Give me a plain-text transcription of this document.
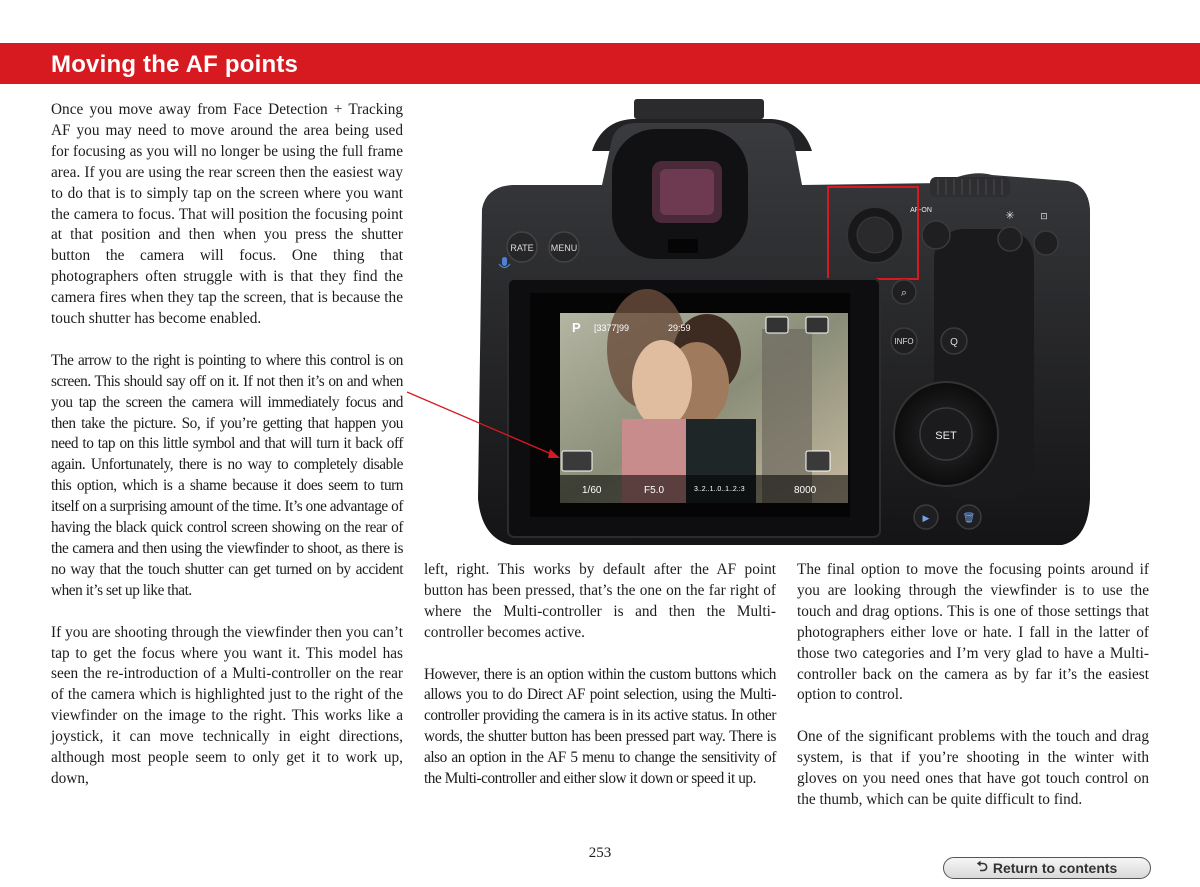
Moving the AF points

Once you move away from Face Detection + Tracking AF you may need to move around the area being used for focusing as you will no longer be using the full frame area. If you are using the rear screen then the easiest way to do that is to simply tap on the screen where you want the camera to focus. That will position the focusing point at that position and then when you press the shutter button the camera will focus. One thing that photographers often struggle with is that they find the camera fires when they tap the screen, that is because the touch shutter has become enabled.

The arrow to the right is pointing to where this control is on screen. This should say off on it. If not then it’s on and when you tap the screen the camera will immediately focus and then take the picture. So, if you’re getting that happen you need to tap on this little symbol and that will turn it back off again. Unfortunately, there is no way to completely disable this option, which is a shame because it does seem to turn itself on a surprising amount of the time. It’s one advantage of having the black quick control screen showing on the rear of the camera and then using the viewfinder to shoot, as there is no way that the touch shutter can get turned on by accident when it’s set up like that.

If you are shooting through the viewfinder then you can’t tap to get the focus where you want it. This model has seen the re-introduction of a Multi-controller on the rear of the camera which is highlighted just to the right of the viewfinder on the image to the right. This works like a joystick, it can move technically in eight directions, although most people seem to only get it to work up, down,

RATE MENU
AF-ON	✳	⊡
P [3377]99	29:59
1/60	F5.0	3..2..1..0..1..2.:3	8000
⌕
INFO	Q
SET
▶	🗑

left, right. This works by default after the AF point button has been pressed, that’s the one on the far right of where the Multi-controller is and then the Multi-controller becomes active.

However, there is an option within the custom buttons which allows you to do Direct AF point selection, using the Multi-controller providing the camera is in its active status. In other words, the shutter button has been pressed part way. There is also an option in the AF 5 menu to change the sensitivity of the Multi-controller and either slow it down or speed it up.

The final option to move the focusing points around if you are looking through the viewfinder is to use the touch and drag options. This is one of those settings that photographers either love or hate. I fall in the latter of those two categories and I’m very glad to have a Multi-controller back on the camera as by far it’s the easiest option to control.

One of the significant problems with the touch and drag system, is that if you’re shooting in the winter with gloves on you need ones that have got touch control on the thumb, which can be quite difficult to find.

253
⮌ Return to contents
